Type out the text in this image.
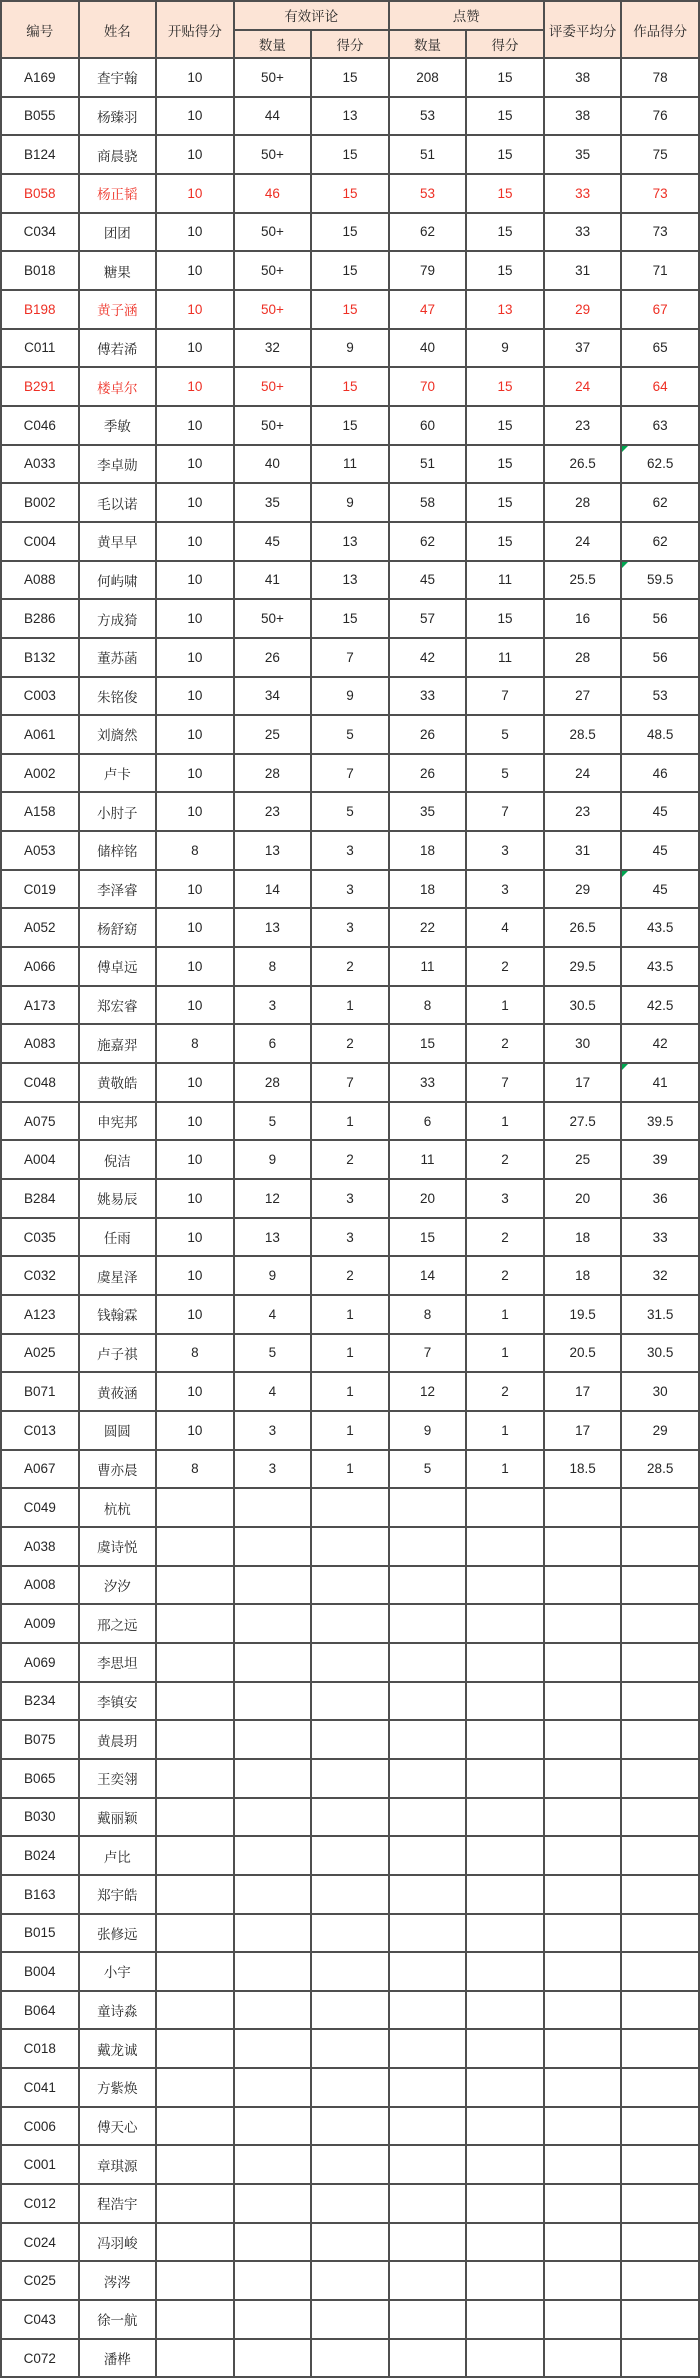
编号	姓名	开贴得分	有效评论		点赞		评委平均分	作品得分
			数量	得分	数量	得分		
A169	查宇翰	10	50+	15	208	15	38	78
B055	杨臻羽	10	44	13	53	15	38	76
B124	商晨骁	10	50+	15	51	15	35	75
B058	杨正韬	10	46	15	53	15	33	73
C034	团团	10	50+	15	62	15	33	73
B018	糖果	10	50+	15	79	15	31	71
B198	黄子涵	10	50+	15	47	13	29	67
C011	傅若浠	10	32	9	40	9	37	65
B291	楼卓尔	10	50+	15	70	15	24	64
C046	季敏	10	50+	15	60	15	23	63
A033	李卓勋	10	40	11	51	15	26.5	62.5
B002	毛以诺	10	35	9	58	15	28	62
C004	黄早早	10	45	13	62	15	24	62
A088	何屿啸	10	41	13	45	11	25.5	59.5
B286	方成猗	10	50+	15	57	15	16	56
B132	董苏菡	10	26	7	42	11	28	56
C003	朱铭俊	10	34	9	33	7	27	53
A061	刘旖然	10	25	5	26	5	28.5	48.5
A002	卢卡	10	28	7	26	5	24	46
A158	小肘子	10	23	5	35	7	23	45
A053	储梓铭	8	13	3	18	3	31	45
C019	李泽睿	10	14	3	18	3	29	45
A052	杨舒窈	10	13	3	22	4	26.5	43.5
A066	傅卓远	10	8	2	11	2	29.5	43.5
A173	郑宏睿	10	3	1	8	1	30.5	42.5
A083	施嘉羿	8	6	2	15	2	30	42
C048	黄敬皓	10	28	7	33	7	17	41
A075	申宪邦	10	5	1	6	1	27.5	39.5
A004	倪洁	10	9	2	11	2	25	39
B284	姚易辰	10	12	3	20	3	20	36
C035	任雨	10	13	3	15	2	18	33
C032	虞星泽	10	9	2	14	2	18	32
A123	钱翰霖	10	4	1	8	1	19.5	31.5
A025	卢子祺	8	5	1	7	1	20.5	30.5
B071	黄莜涵	10	4	1	12	2	17	30
C013	圆圆	10	3	1	9	1	17	29
A067	曹亦晨	8	3	1	5	1	18.5	28.5
C049	杭杭							
A038	虞诗悦							
A008	汐汐							
A009	邢之远							
A069	李思坦							
B234	李镇安							
B075	黄晨玥							
B065	王奕翎							
B030	戴丽颖							
B024	卢比							
B163	郑宇皓							
B015	张修远							
B004	小宇							
B064	童诗淼							
C018	戴龙诚							
C041	方紫焕							
C006	傅天心							
C001	章琪源							
C012	程浩宇							
C024	冯羽峻							
C025	涔涔							
C043	徐一航							
C072	潘桦							
